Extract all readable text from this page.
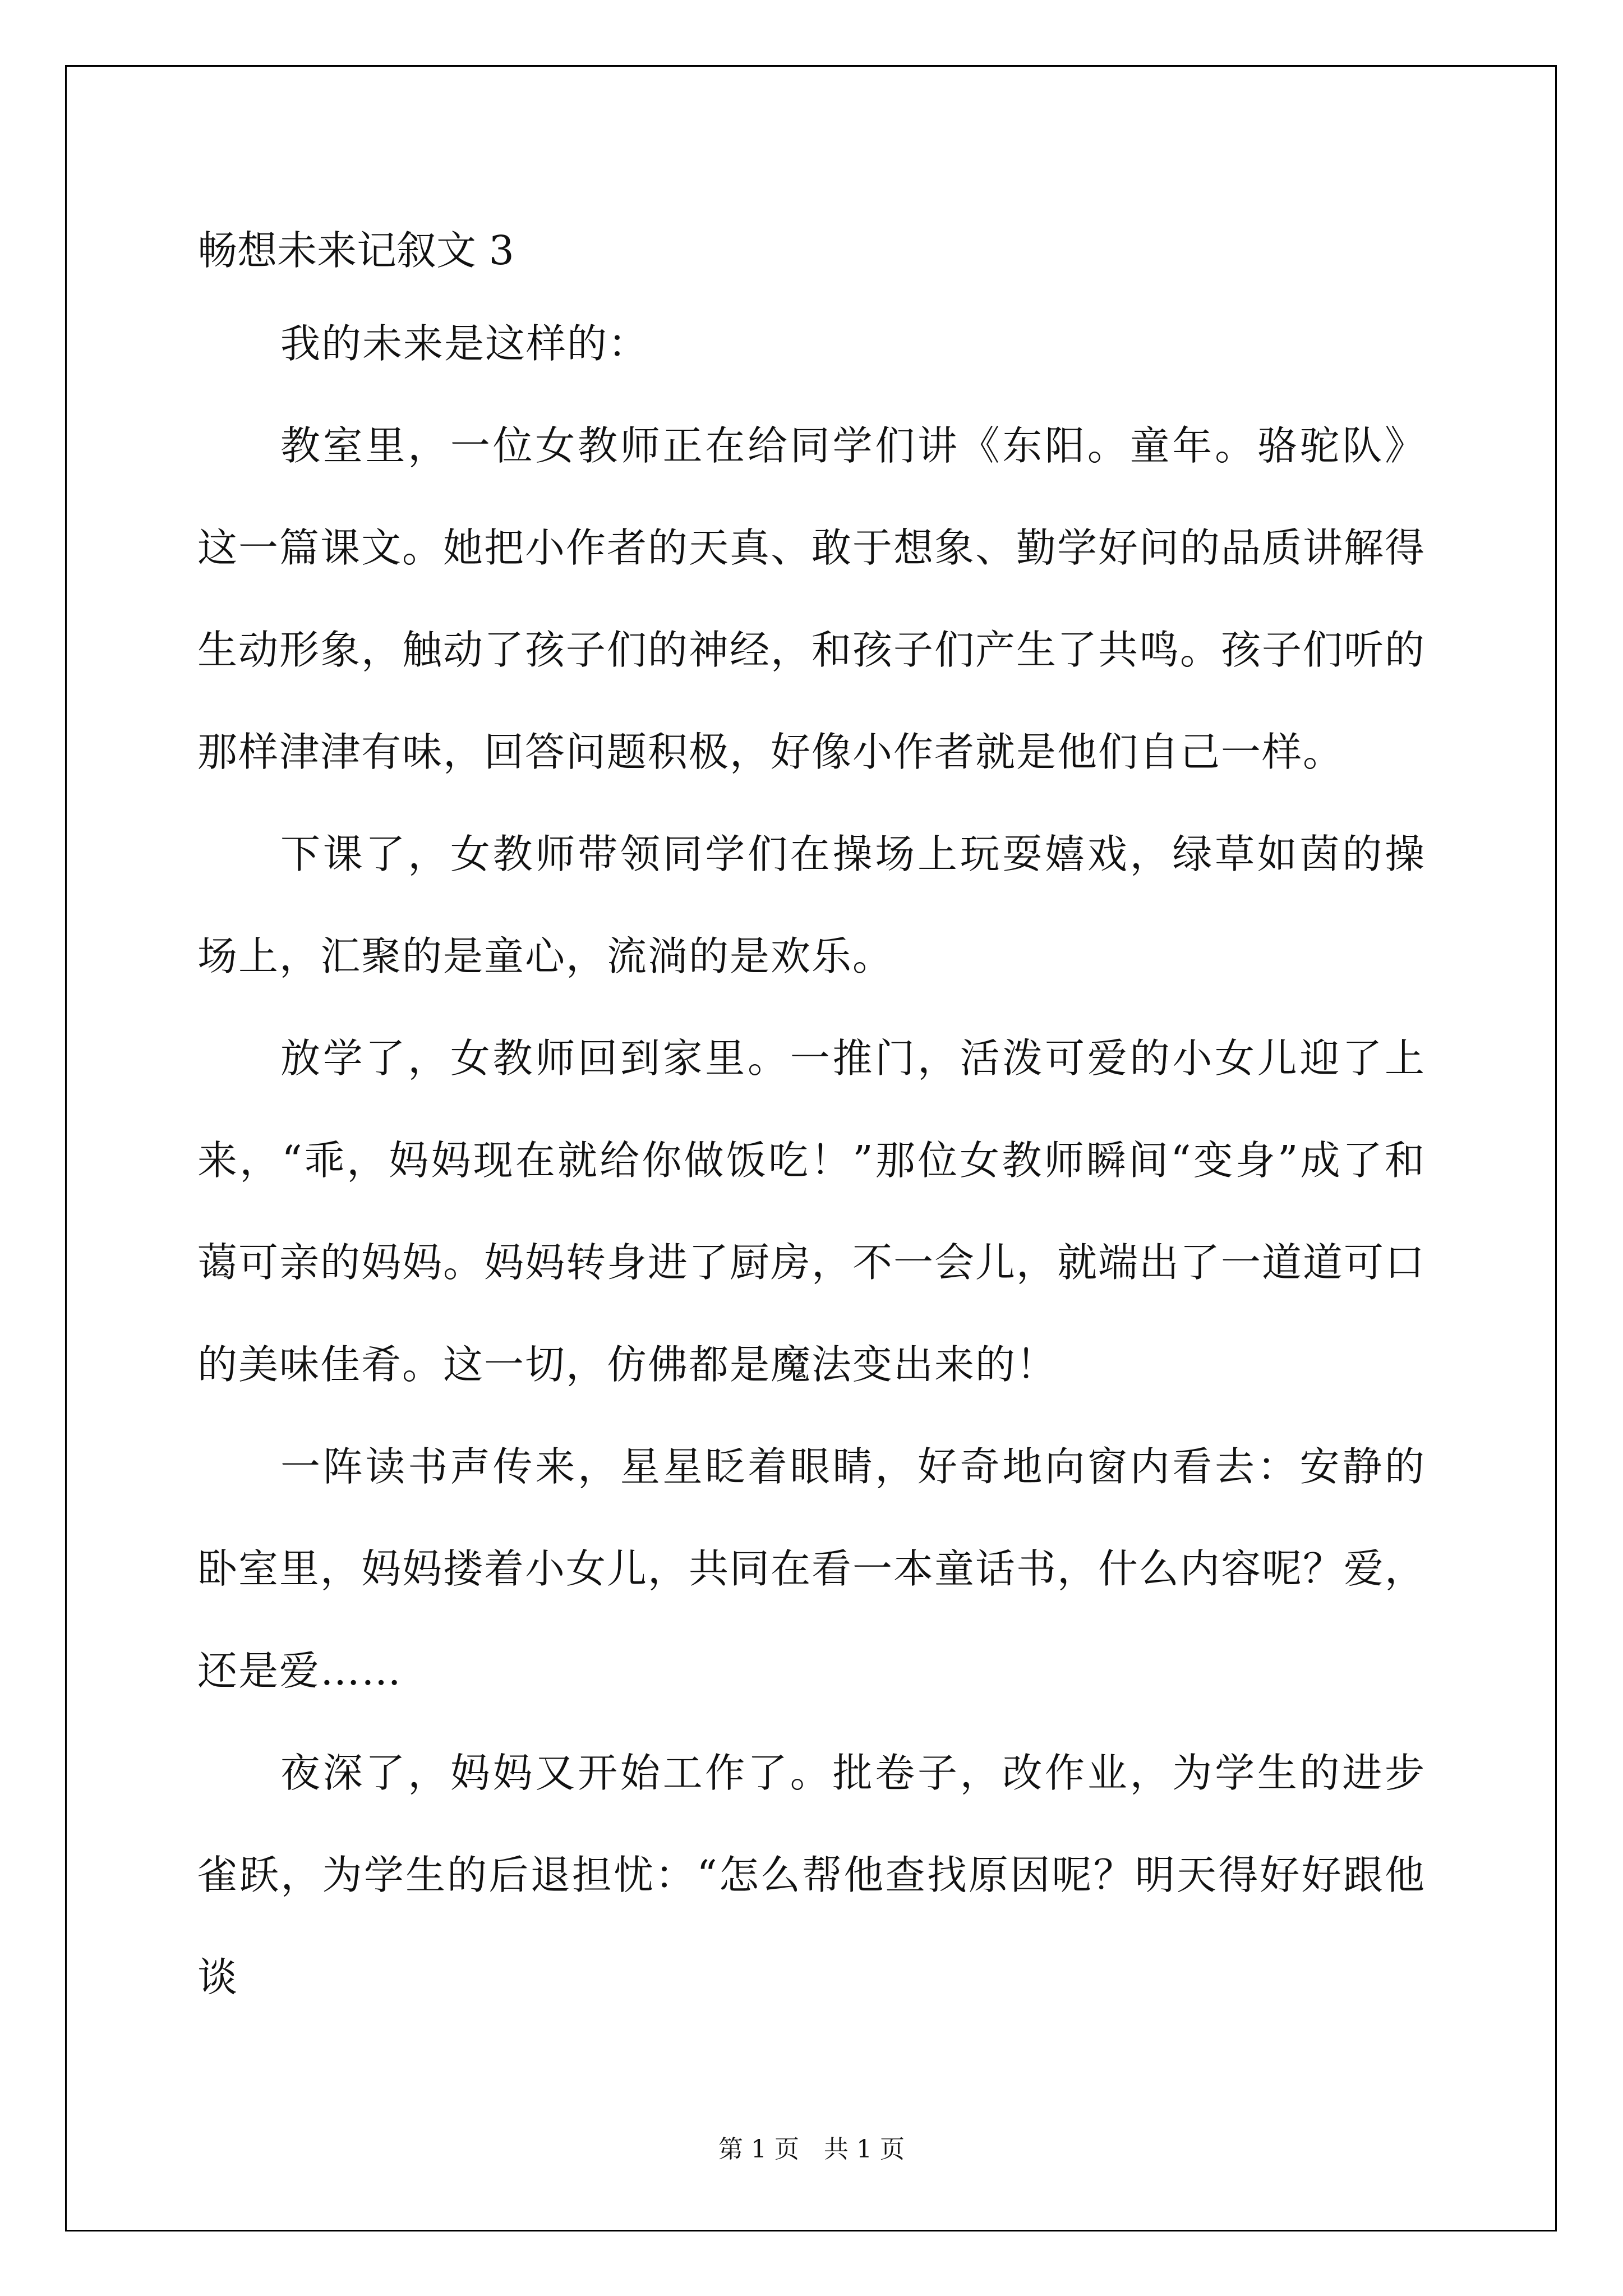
畅想未来记叙文 3

我的未来是这样的：

教室里，一位女教师正在给同学们讲《东阳。童年。骆驼队》这一篇课文。她把小作者的天真、敢于想象、勤学好问的品质讲解得生动形象，触动了孩子们的神经，和孩子们产生了共鸣。孩子们听的那样津津有味，回答问题积极，好像小作者就是他们自己一样。

下课了，女教师带领同学们在操场上玩耍嬉戏，绿草如茵的操场上，汇聚的是童心，流淌的是欢乐。

放学了，女教师回到家里。一推门，活泼可爱的小女儿迎了上来，“乖，妈妈现在就给你做饭吃！”那位女教师瞬间“变身”成了和蔼可亲的妈妈。妈妈转身进了厨房，不一会儿，就端出了一道道可口的美味佳肴。这一切，仿佛都是魔法变出来的！

一阵读书声传来，星星眨着眼睛，好奇地向窗内看去：安静的卧室里，妈妈搂着小女儿，共同在看一本童话书，什么内容呢？爱，还是爱……

夜深了，妈妈又开始工作了。批卷子，改作业，为学生的进步雀跃，为学生的后退担忧：“怎么帮他查找原因呢？明天得好好跟他谈

第 1 页　共 1 页
